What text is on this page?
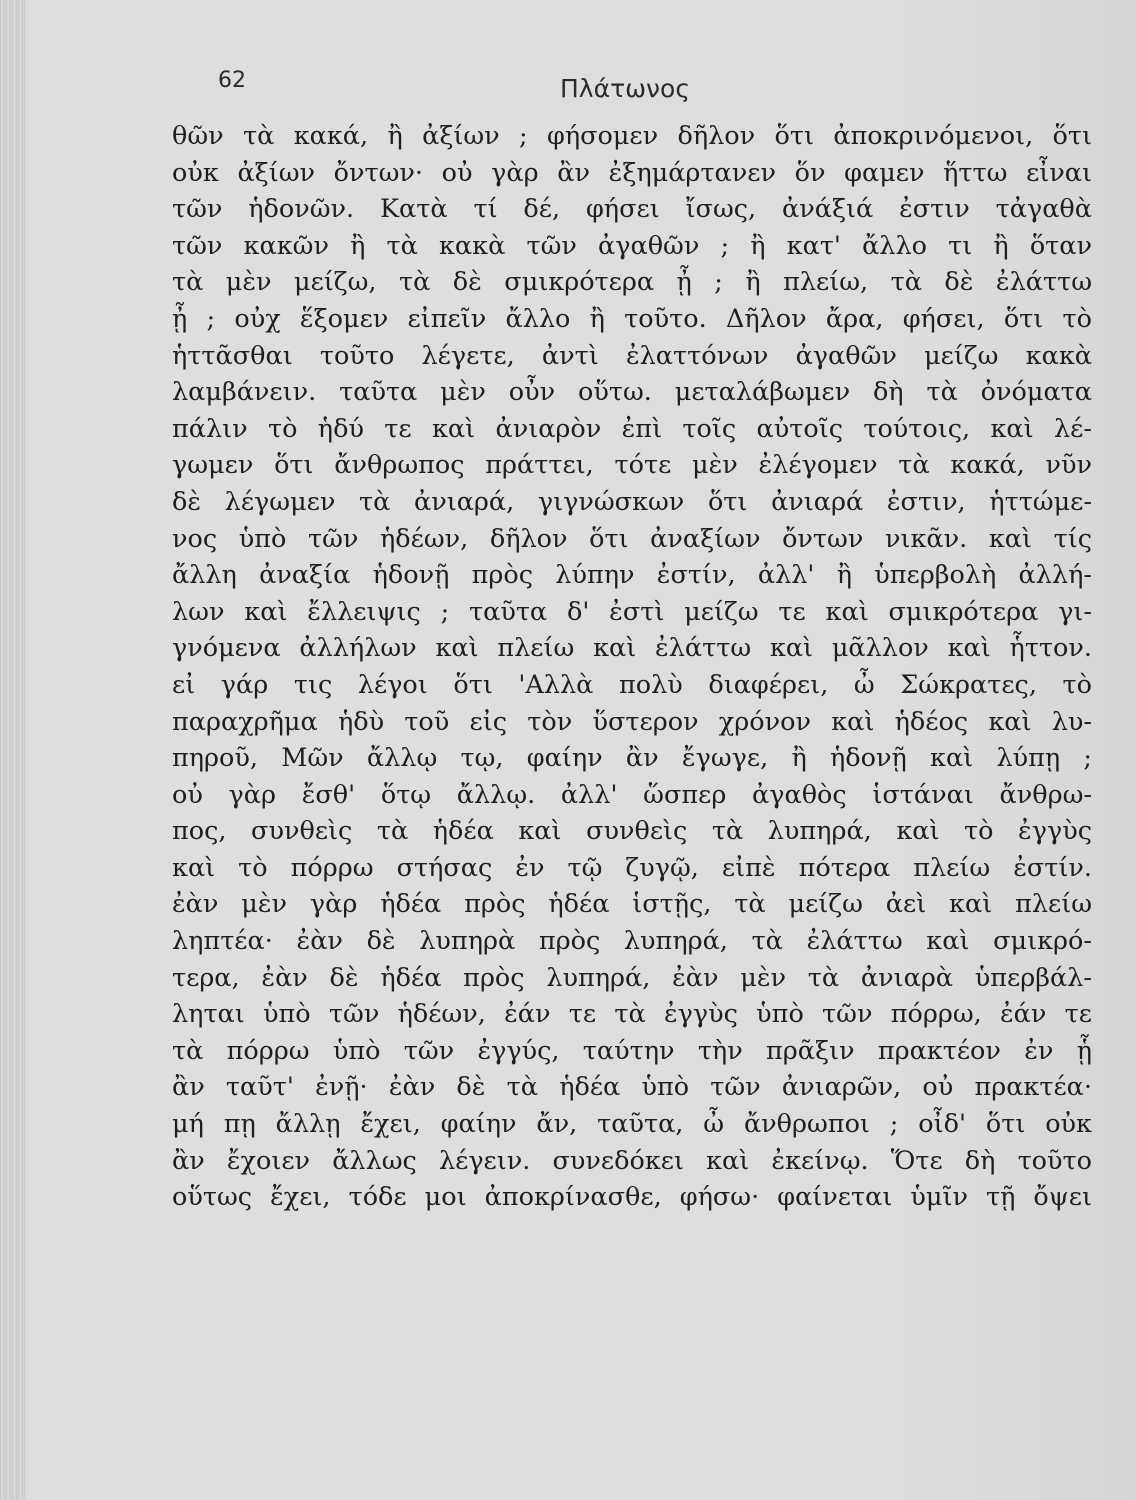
62	Πλάτωνος
θῶν τὰ κακά, ἢ ἀξίων ; φήσομεν δῆλον ὅτι ἀποκρινόμενοι, ὅτι
οὐκ ἀξίων ὄντων· οὐ γὰρ ἂν ἐξημάρτανεν ὅν φαμεν ἥττω εἶναι
τῶν ἡδονῶν. Κατὰ τί δέ, φήσει ἴσως, ἀνάξιά ἐστιν τἀγαθὰ
τῶν κακῶν ἢ τὰ κακὰ τῶν ἀγαθῶν ; ἢ κατ' ἄλλο τι ἢ ὅταν
τὰ μὲν μείζω, τὰ δὲ σμικρότερα ᾖ ; ἢ πλείω, τὰ δὲ ἐλάττω
ᾖ ; οὐχ ἕξομεν εἰπεῖν ἄλλο ἢ τοῦτο. Δῆλον ἄρα, φήσει, ὅτι τὸ
ἡττᾶσθαι τοῦτο λέγετε, ἀντὶ ἐλαττόνων ἀγαθῶν μείζω κακὰ
λαμβάνειν. ταῦτα μὲν οὖν οὕτω. μεταλάβωμεν δὴ τὰ ὀνόματα
πάλιν τὸ ἡδύ τε καὶ ἀνιαρὸν ἐπὶ τοῖς αὐτοῖς τούτοις, καὶ λέ-
γωμεν ὅτι ἄνθρωπος πράττει, τότε μὲν ἐλέγομεν τὰ κακά, νῦν
δὲ λέγωμεν τὰ ἀνιαρά, γιγνώσκων ὅτι ἀνιαρά ἐστιν, ἡττώμε-
νος ὑπὸ τῶν ἡδέων, δῆλον ὅτι ἀναξίων ὄντων νικᾶν. καὶ τίς
ἄλλη ἀναξία ἡδονῇ πρὸς λύπην ἐστίν, ἀλλ' ἢ ὑπερβολὴ ἀλλή-
λων καὶ ἔλλειψις ; ταῦτα δ' ἐστὶ μείζω τε καὶ σμικρότερα γι-
γνόμενα ἀλλήλων καὶ πλείω καὶ ἐλάττω καὶ μᾶλλον καὶ ἧττον.
εἰ γάρ τις λέγοι ὅτι 'Αλλὰ πολὺ διαφέρει, ὦ Σώκρατες, τὸ
παραχρῆμα ἡδὺ τοῦ εἰς τὸν ὕστερον χρόνον καὶ ἡδέος καὶ λυ-
πηροῦ, Μῶν ἄλλῳ τῳ, φαίην ἂν ἔγωγε, ἢ ἡδονῇ καὶ λύπῃ ;
οὐ γὰρ ἔσθ' ὅτῳ ἄλλῳ. ἀλλ' ὥσπερ ἀγαθὸς ἱστάναι ἄνθρω-
πος, συνθεὶς τὰ ἡδέα καὶ συνθεὶς τὰ λυπηρά, καὶ τὸ ἐγγὺς
καὶ τὸ πόρρω στήσας ἐν τῷ ζυγῷ, εἰπὲ πότερα πλείω ἐστίν.
ἐὰν μὲν γὰρ ἡδέα πρὸς ἡδέα ἱστῇς, τὰ μείζω ἀεὶ καὶ πλείω
ληπτέα· ἐὰν δὲ λυπηρὰ πρὸς λυπηρά, τὰ ἐλάττω καὶ σμικρό-
τερα, ἐὰν δὲ ἡδέα πρὸς λυπηρά, ἐὰν μὲν τὰ ἀνιαρὰ ὑπερβάλ-
ληται ὑπὸ τῶν ἡδέων, ἐάν τε τὰ ἐγγὺς ὑπὸ τῶν πόρρω, ἐάν τε
τὰ πόρρω ὑπὸ τῶν ἐγγύς, ταύτην τὴν πρᾶξιν πρακτέον ἐν ᾗ
ἂν ταῦτ' ἐνῇ· ἐὰν δὲ τὰ ἡδέα ὑπὸ τῶν ἀνιαρῶν, οὐ πρακτέα·
μή πῃ ἄλλῃ ἔχει, φαίην ἄν, ταῦτα, ὦ ἄνθρωποι ; οἶδ' ὅτι οὐκ
ἂν ἔχοιεν ἄλλως λέγειν. συνεδόκει καὶ ἐκείνῳ. Ὅτε δὴ τοῦτο
οὕτως ἔχει, τόδε μοι ἀποκρίνασθε, φήσω· φαίνεται ὑμῖν τῇ ὄψει
